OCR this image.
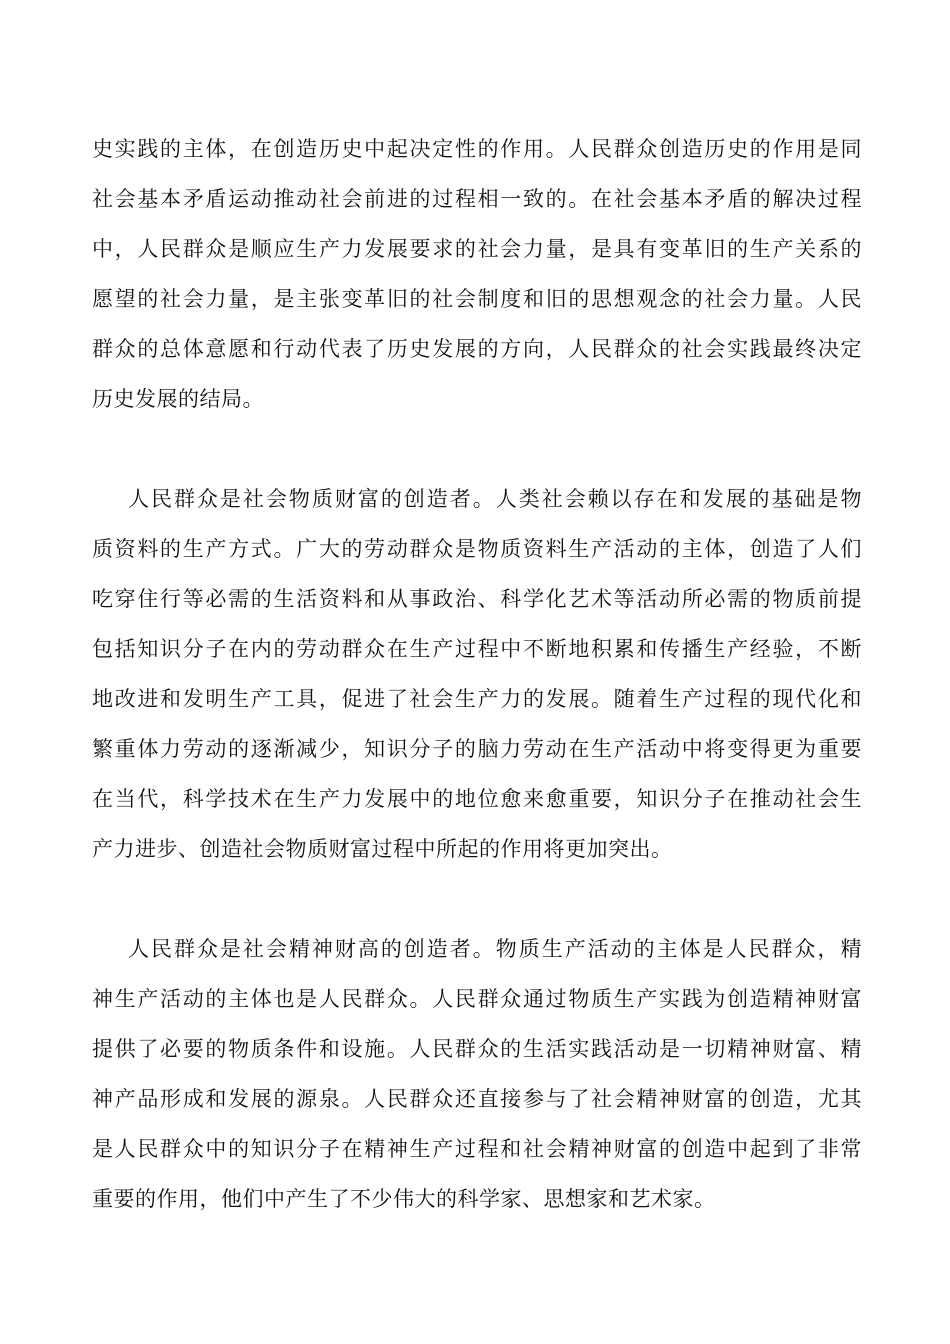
史实践的主体，在创造历史中起决定性的作用。人民群众创造历史的作用是同
社会基本矛盾运动推动社会前进的过程相一致的。在社会基本矛盾的解决过程
中，人民群众是顺应生产力发展要求的社会力量，是具有变革旧的生产关系的
愿望的社会力量，是主张变革旧的社会制度和旧的思想观念的社会力量。人民
群众的总体意愿和行动代表了历史发展的方向，人民群众的社会实践最终决定
历史发展的结局。
人民群众是社会物质财富的创造者。人类社会赖以存在和发展的基础是物
质资料的生产方式。广大的劳动群众是物质资料生产活动的主体，创造了人们
吃穿住行等必需的生活资料和从事政治、科学化艺术等活动所必需的物质前提
包括知识分子在内的劳动群众在生产过程中不断地积累和传播生产经验，不断
地改进和发明生产工具，促进了社会生产力的发展。随着生产过程的现代化和
繁重体力劳动的逐渐减少，知识分子的脑力劳动在生产活动中将变得更为重要
在当代，科学技术在生产力发展中的地位愈来愈重要，知识分子在推动社会生
产力进步、创造社会物质财富过程中所起的作用将更加突出。
人民群众是社会精神财高的创造者。物质生产活动的主体是人民群众，精
神生产活动的主体也是人民群众。人民群众通过物质生产实践为创造精神财富
提供了必要的物质条件和设施。人民群众的生活实践活动是一切精神财富、精
神产品形成和发展的源泉。人民群众还直接参与了社会精神财富的创造，尤其
是人民群众中的知识分子在精神生产过程和社会精神财富的创造中起到了非常
重要的作用，他们中产生了不少伟大的科学家、思想家和艺术家。
